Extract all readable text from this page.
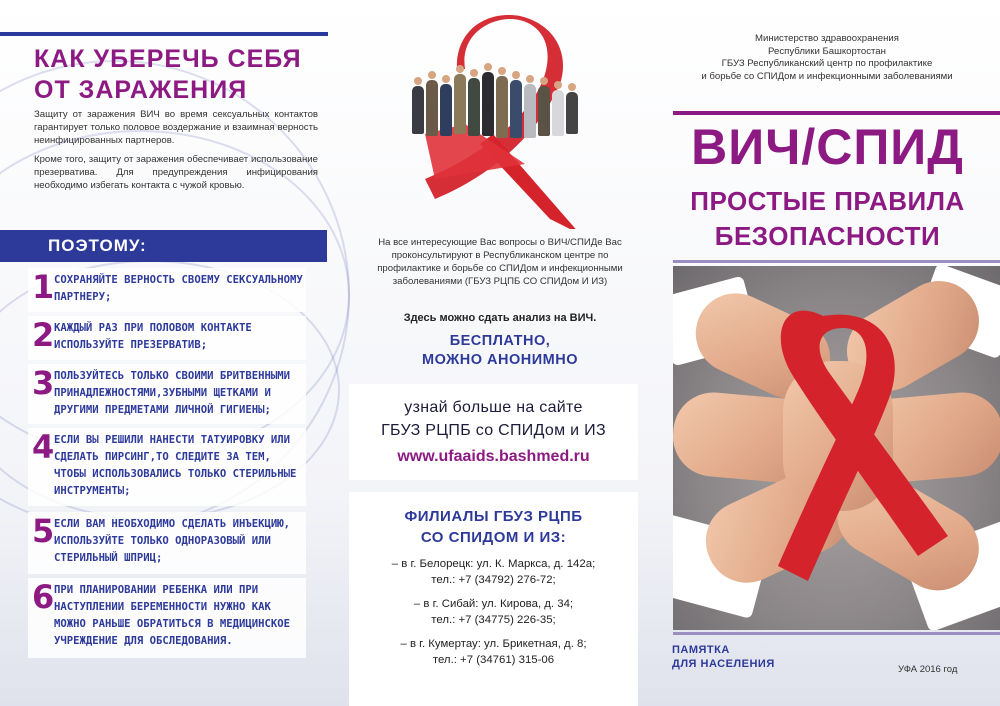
КАК УБЕРЕЧЬ СЕБЯ
ОТ ЗАРАЖЕНИЯ

Защиту от заражения ВИЧ во время сексуальных контактов гарантирует только половое воздержание и взаимная верность неинфицированных партнеров.

Кроме того, защиту от заражения обеспечивает использование презерватива. Для предупреждения инфицирования необходимо избегать контакта с чужой кровью.

ПОЭТОМУ:
1 СОХРАНЯЙТЕ ВЕРНОСТЬ СВОЕМУ СЕКСУАЛЬНОМУ ПАРТНЕРУ;
2 КАЖДЫЙ РАЗ ПРИ ПОЛОВОМ КОНТАКТЕ ИСПОЛЬЗУЙТЕ ПРЕЗЕРВАТИВ;
3 ПОЛЬЗУЙТЕСЬ ТОЛЬКО СВОИМИ БРИТВЕННЫМИ ПРИНАДЛЕЖНОСТЯМИ,ЗУБНЫМИ ЩЕТКАМИ И ДРУГИМИ ПРЕДМЕТАМИ ЛИЧНОЙ ГИГИЕНЫ;
4 ЕСЛИ ВЫ РЕШИЛИ НАНЕСТИ ТАТУИРОВКУ ИЛИ СДЕЛАТЬ ПИРСИНГ,ТО СЛЕДИТЕ ЗА ТЕМ, ЧТОБЫ ИСПОЛЬЗОВАЛИСЬ ТОЛЬКО СТЕРИЛЬНЫЕ ИНСТРУМЕНТЫ;
5 ЕСЛИ ВАМ НЕОБХОДИМО СДЕЛАТЬ ИНЪЕКЦИЮ, ИСПОЛЬЗУЙТЕ ТОЛЬКО ОДНОРАЗОВЫЙ ИЛИ СТЕРИЛЬНЫЙ ШПРИЦ;
6 ПРИ ПЛАНИРОВАНИИ РЕБЕНКА ИЛИ ПРИ НАСТУПЛЕНИИ БЕРЕМЕННОСТИ НУЖНО КАК МОЖНО РАНЬШЕ ОБРАТИТЬСЯ В МЕДИЦИНСКОЕ УЧРЕЖДЕНИЕ ДЛЯ ОБСЛЕДОВАНИЯ.
На все интересующие Вас вопросы о ВИЧ/СПИДе Вас проконсультируют в Республиканском центре по профилактике и борьбе со СПИДом и инфекционными заболеваниями (ГБУЗ РЦПБ СО СПИДом И ИЗ)
Здесь можно сдать анализ на ВИЧ.
БЕСПЛАТНО,
МОЖНО АНОНИМНО
узнай больше на сайте
ГБУЗ РЦПБ со СПИДом и ИЗ
www.ufaaids.bashmed.ru
ФИЛИАЛЫ ГБУЗ РЦПБ
СО СПИДОМ И ИЗ:
– в г. Белорецк: ул. К. Маркса, д. 142а;
тел.: +7 (34792) 276-72;
– в г. Сибай: ул. Кирова, д. 34;
тел.: +7 (34775) 226-35;
– в г. Кумертау: ул. Брикетная, д. 8;
тел.: +7 (34761) 315-06
Министерство здравоохранения
Республики Башкортостан
ГБУЗ Республиканский центр по профилактике
и борьбе со СПИДом и инфекционными заболеваниями
ВИЧ/СПИД
ПРОСТЫЕ ПРАВИЛА
БЕЗОПАСНОСТИ
ПАМЯТКА
ДЛЯ НАСЕЛЕНИЯ	УФА 2016 год
